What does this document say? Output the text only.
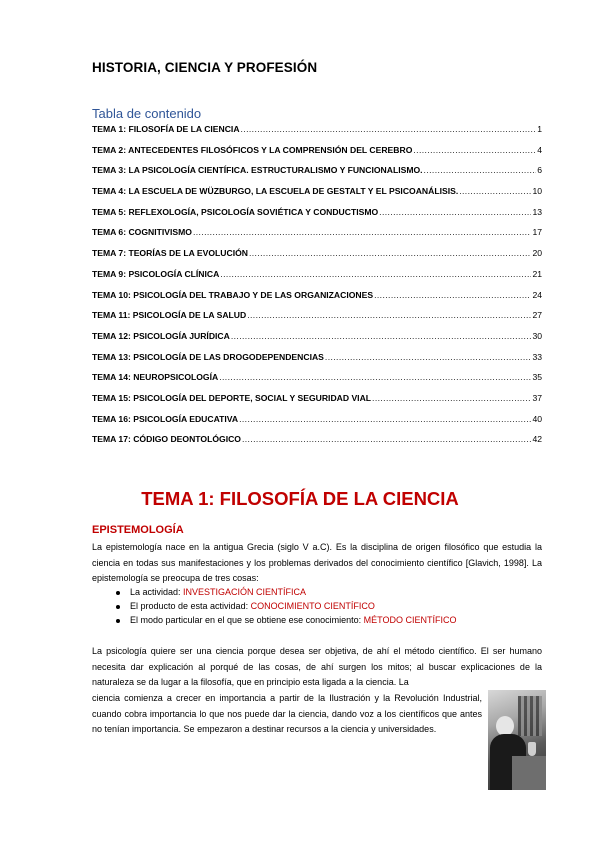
HISTORIA, CIENCIA Y PROFESIÓN
Tabla de contenido
TEMA 1: FILOSOFÍA DE LA CIENCIA .....	1
TEMA 2: ANTECEDENTES FILOSÓFICOS Y LA COMPRENSIÓN DEL CEREBRO .....	4
TEMA 3: LA PSICOLOGÍA CIENTÍFICA. ESTRUCTURALISMO Y FUNCIONALISMO. .....	6
TEMA 4: LA ESCUELA DE WÜZBURGO, LA ESCUELA DE GESTALT Y EL PSICOANÁLISIS. .....	10
TEMA 5: REFLEXOLOGÍA, PSICOLOGÍA SOVIÉTICA Y CONDUCTISMO .....	13
TEMA 6: COGNITIVISMO .....	17
TEMA 7: TEORÍAS DE LA EVOLUCIÓN .....	20
TEMA 9: PSICOLOGÍA CLÍNICA .....	21
TEMA 10: PSICOLOGÍA DEL TRABAJO Y DE LAS ORGANIZACIONES .....	24
TEMA 11: PSICOLOGÍA DE LA SALUD .....	27
TEMA 12: PSICOLOGÍA JURÍDICA .....	30
TEMA 13: PSICOLOGÍA DE LAS DROGODEPENDENCIAS .....	33
TEMA 14: NEUROPSICOLOGÍA .....	35
TEMA 15: PSICOLOGÍA DEL DEPORTE, SOCIAL Y SEGURIDAD VIAL .....	37
TEMA 16: PSICOLOGÍA EDUCATIVA .....	40
TEMA 17: CÓDIGO DEONTOLÓGICO .....	42
TEMA 1: FILOSOFÍA DE LA CIENCIA
EPISTEMOLOGÍA
La epistemología nace en la antigua Grecia (siglo V a.C). Es la disciplina de origen filosófico que estudia la ciencia en todas sus manifestaciones y los problemas derivados del conocimiento científico [Glavich, 1998]. La epistemología se preocupa de tres cosas:
La actividad: INVESTIGACIÓN CIENTÍFICA
El producto de esta actividad: CONOCIMIENTO CIENTÍFICO
El modo particular en el que se obtiene ese conocimiento: MÉTODO CIENTÍFICO
La psicología quiere ser una ciencia porque desea ser objetiva, de ahí el método científico. El ser humano necesita dar explicación al porqué de las cosas, de ahí surgen los mitos; al buscar explicaciones de la naturaleza se da lugar a la filosofía, que en principio esta ligada a la ciencia. La
ciencia comienza a crecer en importancia a partir de la Ilustración y la Revolución Industrial, cuando cobra importancia lo que nos puede dar la ciencia, dando voz a los científicos que antes no tenían importancia. Se empezaron a destinar recursos a la ciencia y universidades.
